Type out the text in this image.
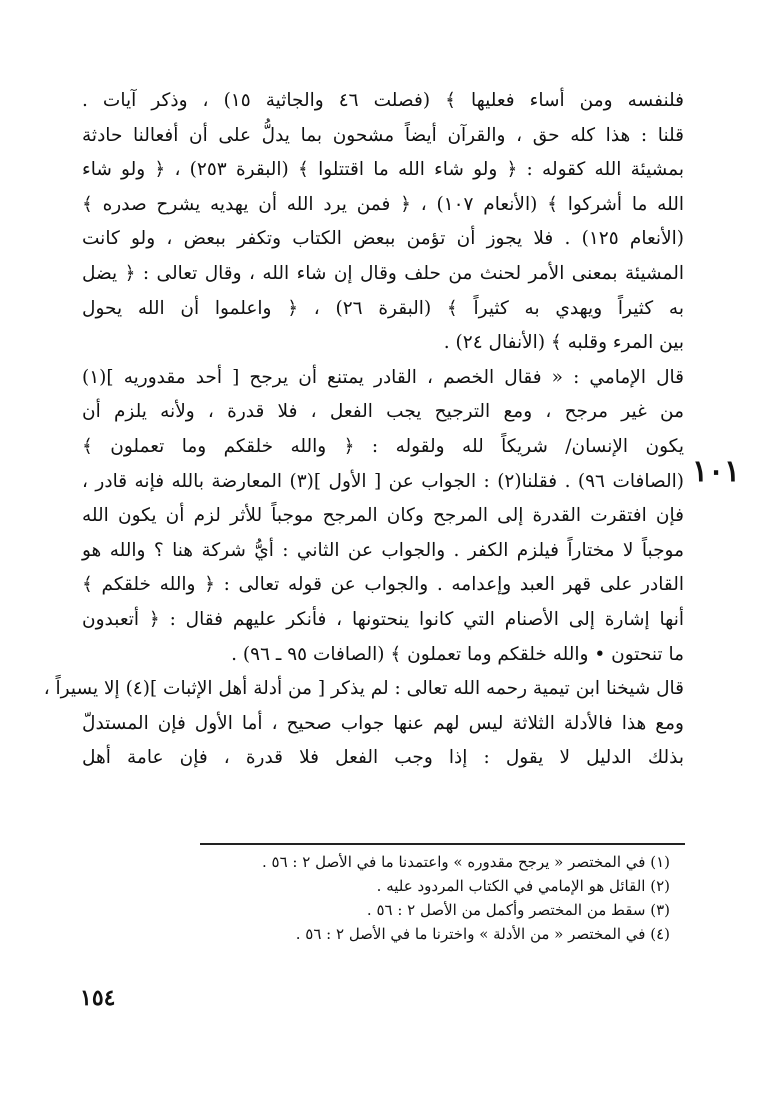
فلنفسه ومن أساء فعليها ﴾ (فصلت ٤٦ والجاثية ١٥) ، وذكر آيات .
قلنا : هذا كله حق ، والقرآن أيضاً مشحون بما يدلُّ على أن أفعالنا حادثة
بمشيئة الله كقوله : ﴿ ولو شاء الله ما اقتتلوا ﴾ (البقرة ٢٥٣) ، ﴿ ولو شاء
الله ما أشركوا ﴾ (الأنعام ١٠٧) ، ﴿ فمن يرد الله أن يهديه يشرح صدره ﴾
(الأنعام ١٢٥) . فلا يجوز أن تؤمن ببعض الكتاب وتكفر ببعض ، ولو كانت
المشيئة بمعنى الأمر لحنث من حلف وقال إن شاء الله ، وقال تعالى : ﴿ يضل
به كثيراً ويهدي به كثيراً ﴾ (البقرة ٢٦) ، ﴿ واعلموا أن الله يحول
بين المرء وقلبه ﴾ (الأنفال ٢٤) .
قال الإمامي : « فقال الخصم ، القادر يمتنع أن يرجح [ أحد مقدوريه ](١)
من غير مرجح ، ومع الترجيح يجب الفعل ، فلا قدرة ، ولأنه يلزم أن
يكون الإنسان/ شريكاً لله ولقوله : ﴿ والله خلقكم وما تعملون ﴾
(الصافات ٩٦) . فقلنا(٢) : الجواب عن [ الأول ](٣) المعارضة بالله فإنه قادر ،
فإن افتقرت القدرة إلى المرجح وكان المرجح موجباً للأثر لزم أن يكون الله
موجباً لا مختاراً فيلزم الكفر . والجواب عن الثاني : أيُّ شركة هنا ؟ والله هو
القادر على قهر العبد وإعدامه . والجواب عن قوله تعالى : ﴿ والله خلقكم ﴾
أنها إشارة إلى الأصنام التي كانوا ينحتونها ، فأنكر عليهم فقال : ﴿ أتعبدون
ما تنحتون • والله خلقكم وما تعملون ﴾ (الصافات ٩٥ ـ ٩٦) .
قال شيخنا ابن تيمية رحمه الله تعالى : لم يذكر [ من أدلة أهل الإثبات ](٤) إلا يسيراً ،
ومع هذا فالأدلة الثلاثة ليس لهم عنها جواب صحيح ، أما الأول فإن المستدلّ
بذلك الدليل لا يقول : إذا وجب الفعل فلا قدرة ، فإن عامة أهل
١٠١
(١) في المختصر « يرجح مقدوره » واعتمدنا ما في الأصل ٢ : ٥٦ .
(٢) القائل هو الإمامي في الكتاب المردود عليه .
(٣) سقط من المختصر وأكمل من الأصل ٢ : ٥٦ .
(٤) في المختصر « من الأدلة » واخترنا ما في الأصل ٢ : ٥٦ .
١٥٤
